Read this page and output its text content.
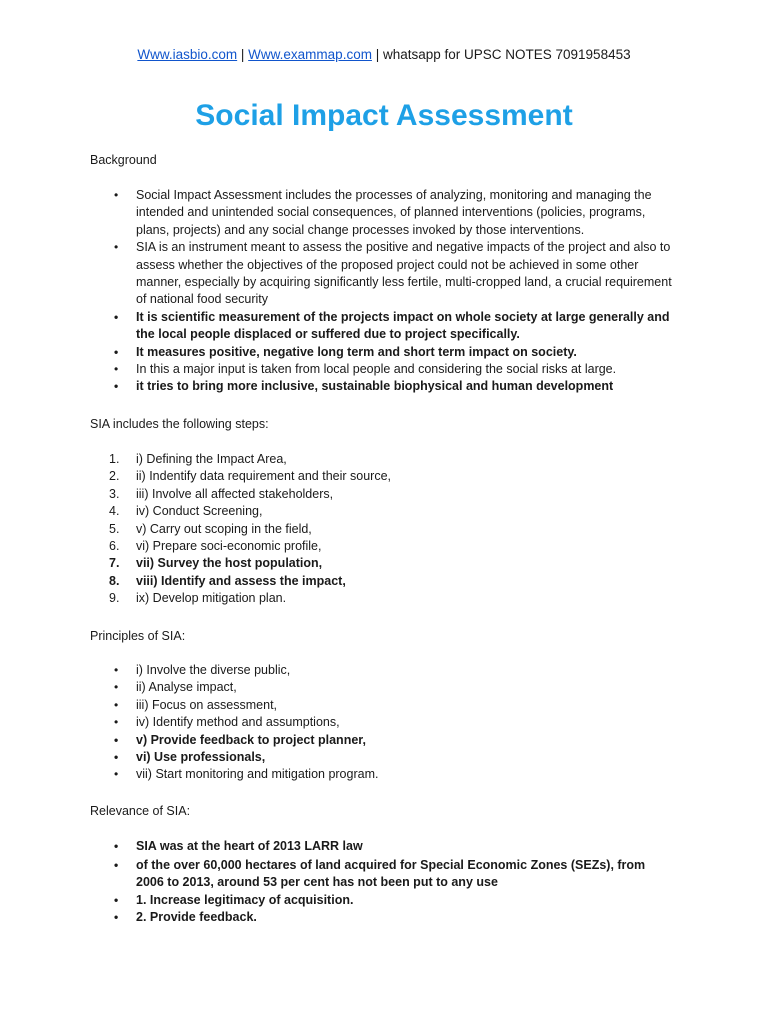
Www.iasbio.com | Www.exammap.com | whatsapp for UPSC NOTES 7091958453
Social Impact Assessment
Background
• Social Impact Assessment includes the processes of analyzing, monitoring and managing the intended and unintended social consequences, of planned interventions (policies, programs, plans, projects) and any social change processes invoked by those interventions.
• SIA is an instrument meant to assess the positive and negative impacts of the project and also to assess whether the objectives of the proposed project could not be achieved in some other manner, especially by acquiring significantly less fertile, multi-cropped land, a crucial requirement of national food security
• It is scientific measurement of the projects impact on whole society at large generally and the local people displaced or suffered due to project specifically.
• It measures positive, negative long term and short term impact on society.
• In this a major input is taken from local people and considering the social risks at large.
• it tries to bring more inclusive, sustainable biophysical and human development
SIA includes the following steps:
1. i) Defining the Impact Area,
2. ii) Indentify data requirement and their source,
3. iii) Involve all affected stakeholders,
4. iv) Conduct Screening,
5. v) Carry out scoping in the field,
6. vi) Prepare soci-economic profile,
7. vii) Survey the host population,
8. viii) Identify and assess the impact,
9. ix) Develop mitigation plan.
Principles of SIA:
• i) Involve the diverse public,
• ii) Analyse impact,
• iii) Focus on assessment,
• iv) Identify method and assumptions,
• v) Provide feedback to project planner,
• vi) Use professionals,
• vii) Start monitoring and mitigation program.
Relevance of SIA:
• SIA was at the heart of 2013 LARR law
• of the over 60,000 hectares of land acquired for Special Economic Zones (SEZs), from 2006 to 2013, around 53 per cent has not been put to any use
• 1. Increase legitimacy of acquisition.
• 2. Provide feedback.
